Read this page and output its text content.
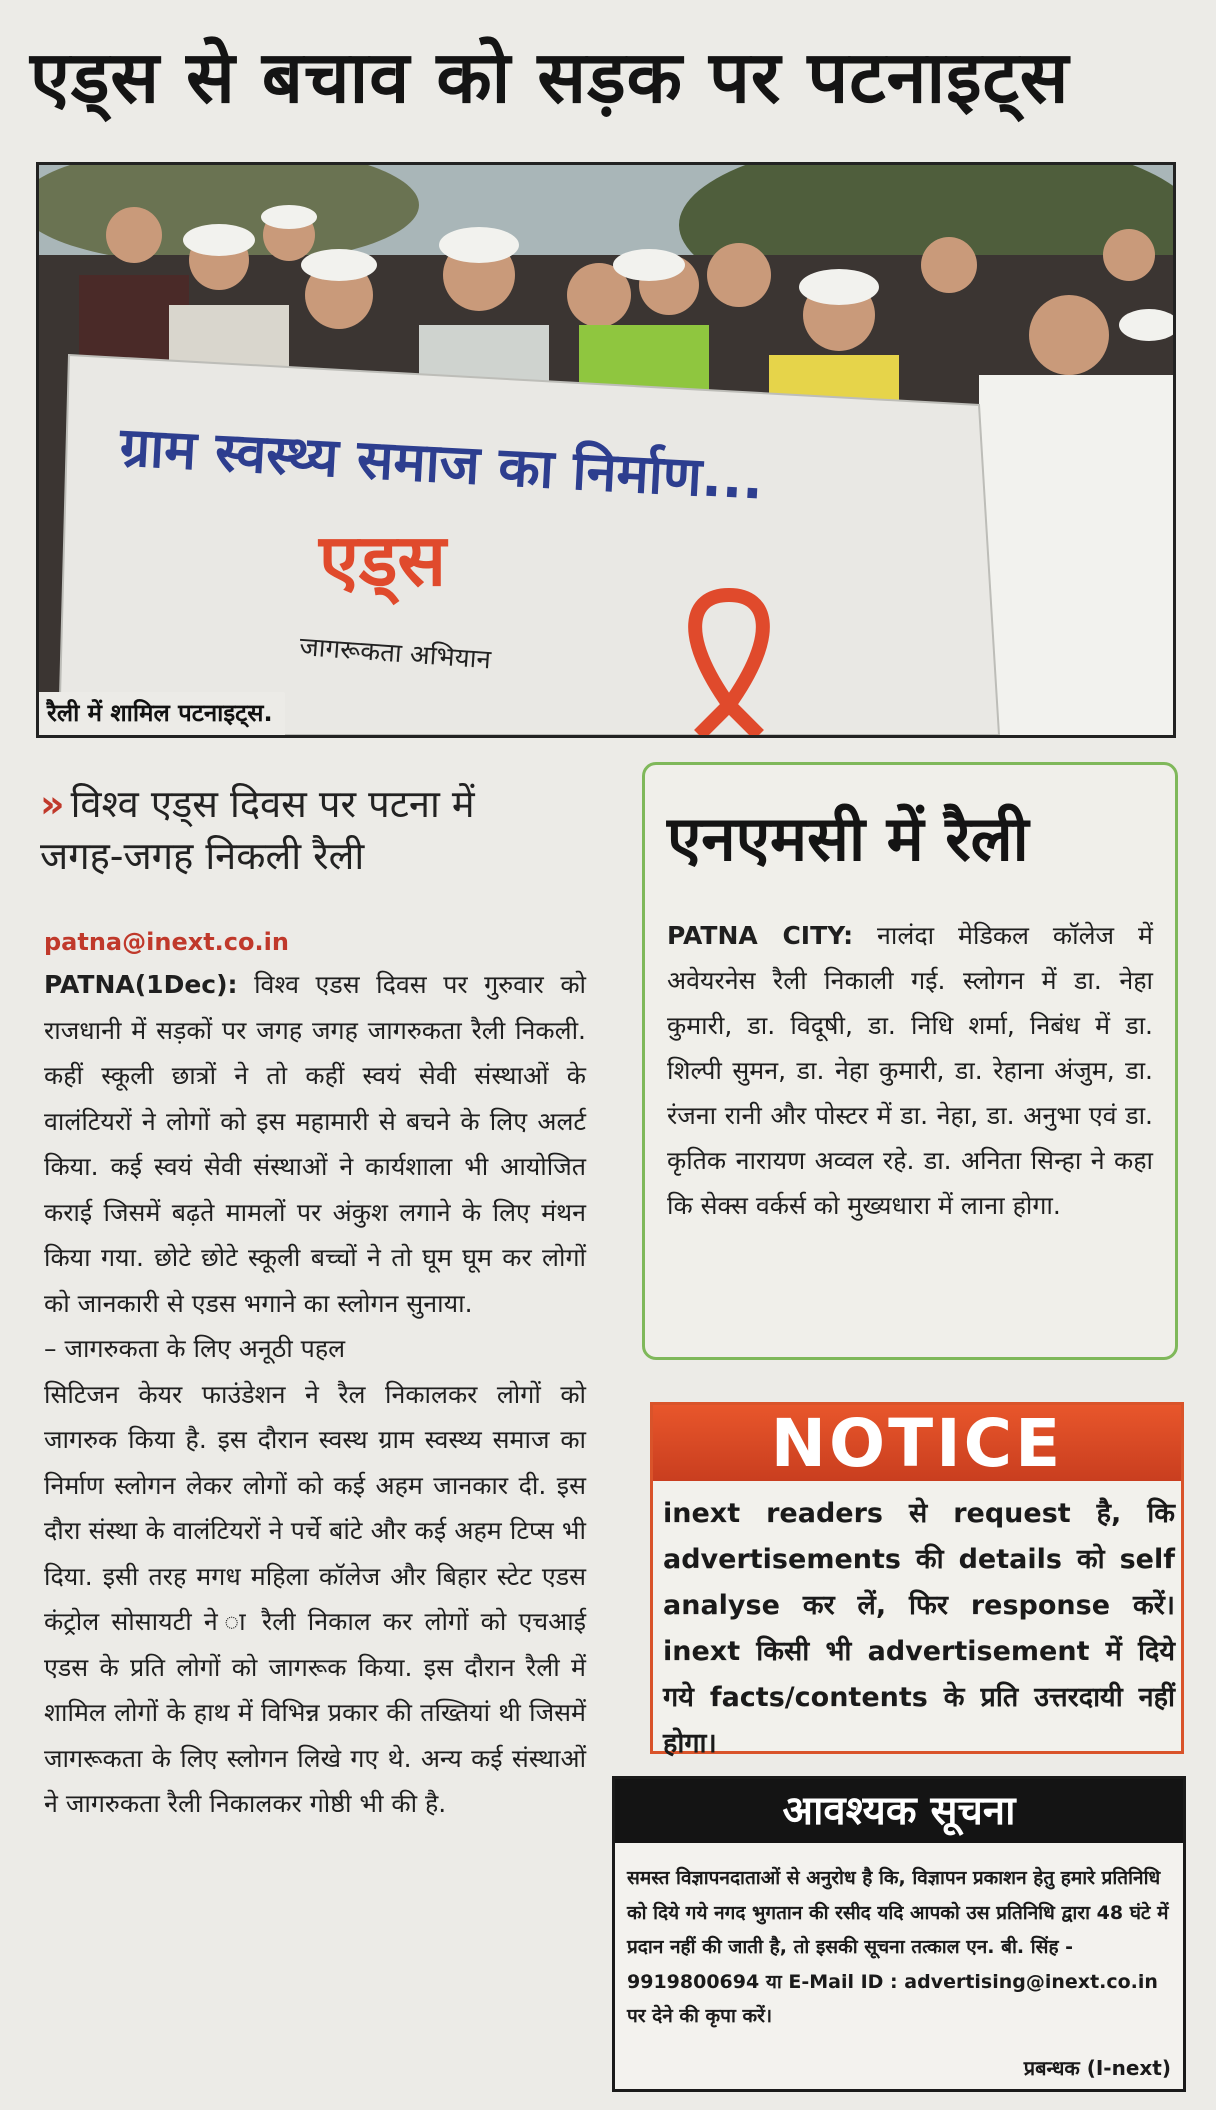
एड्स से बचाव को सड़क पर पटनाइट्स
ग्राम स्वस्थ्य समाज का निर्माण...
एड्स
जागरूकता अभियान
रैली में शामिल पटनाइट्स.
» विश्व एड्स दिवस पर पटना में
जगह-जगह निकली रैली
patna@inext.co.in

PATNA(1Dec): विश्व एडस दिवस पर गुरुवार को राजधानी में सड़कों पर जगह जगह जागरुकता रैली निकली. कहीं स्कूली छात्रों ने तो कहीं स्वयं सेवी संस्थाओं के वालंटियरों ने लोगों को इस महामारी से बचने के लिए अलर्ट किया. कई स्वयं सेवी संस्थाओं ने कार्यशाला भी आयोजित कराई जिसमें बढ़ते मामलों पर अंकुश लगाने के लिए मंथन किया गया. छोटे छोटे स्कूली बच्चों ने तो घूम घूम कर लोगों को जानकारी से एडस भगाने का स्लोगन सुनाया.

– जागरुकता के लिए अनूठी पहल

सिटिजन केयर फाउंडेशन ने रैल निकालकर लोगों को जागरुक किया है. इस दौरान स्वस्थ ग्राम स्वस्थ्य समाज का निर्माण स्लोगन लेकर लोगों को कई अहम जानकार दी. इस दौरा संस्था के वालंटियरों ने पर्चे बांटे और कई अहम टिप्स भी दिया. इसी तरह मगध महिला कॉलेज और बिहार स्टेट एडस कंट्रोल सोसायटी ने ा रैली निकाल कर लोगों को एचआई एडस के प्रति लोगों को जागरूक किया. इस दौरान रैली में शामिल लोगों के हाथ में विभिन्न प्रकार की तख्तियां थी जिसमें जागरूकता के लिए स्लोगन लिखे गए थे. अन्य कई संस्थाओं ने जागरुकता रैली निकालकर गोष्ठी भी की है.

एनएमसी में रैली
PATNA CITY: नालंदा मेडिकल कॉलेज में अवेयरनेस रैली निकाली गई. स्लोगन में डा. नेहा कुमारी, डा. विदूषी, डा. निधि शर्मा, निबंध में डा. शिल्पी सुमन, डा. नेहा कुमारी, डा. रेहाना अंजुम, डा. रंजना रानी और पोस्टर में डा. नेहा, डा. अनुभा एवं डा. कृतिक नारायण अव्वल रहे. डा. अनिता सिन्हा ने कहा कि सेक्स वर्कर्स को मुख्यधारा में लाना होगा.
NOTICE
inext readers से request है, कि advertisements की details को self analyse कर लें, फिर response करें। inext किसी भी advertisement में दिये गये facts/contents के प्रति उत्तरदायी नहीं होगा।
आवश्यक सूचना
समस्त विज्ञापनदाताओं से अनुरोध है कि, विज्ञापन प्रकाशन हेतु हमारे प्रतिनिधि को दिये गये नगद भुगतान की रसीद यदि आपको उस प्रतिनिधि द्वारा 48 घंटे में प्रदान नहीं की जाती है, तो इसकी सूचना तत्काल एन. बी. सिंह - 9919800694 या E-Mail ID : advertising@inext.co.in पर देने की कृपा करें।
प्रबन्धक (I-next)
